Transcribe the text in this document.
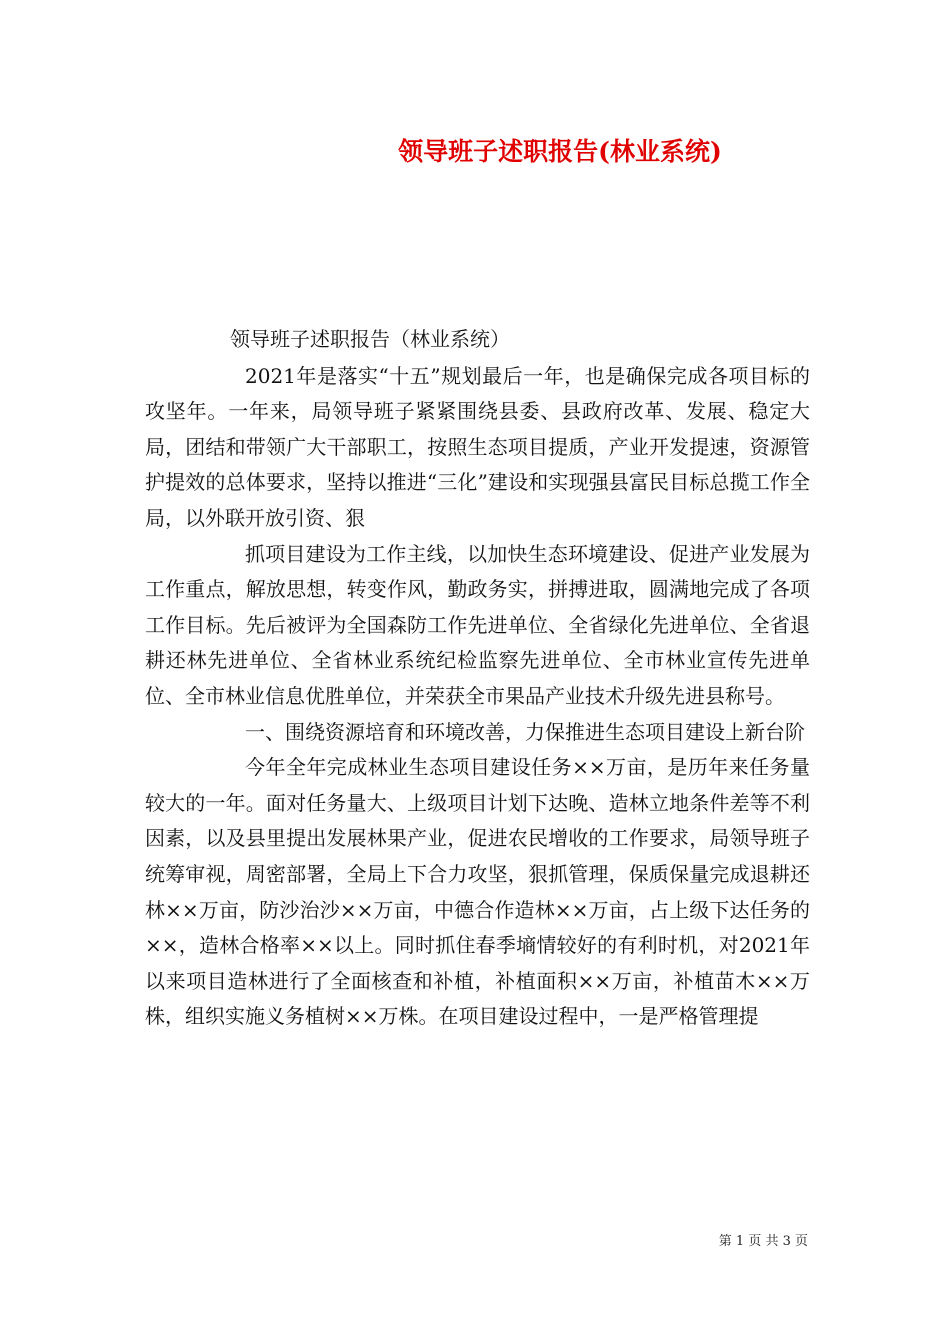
领导班子述职报告(林业系统)

领导班子述职报告（林业系统）

2021年是落实“十五”规划最后一年，也是确保完成各项目标的攻坚年。一年来，局领导班子紧紧围绕县委、县政府改革、发展、稳定大局，团结和带领广大干部职工，按照生态项目提质，产业开发提速，资源管护提效的总体要求，坚持以推进“三化”建设和实现强县富民目标总揽工作全局，以外联开放引资、狠

抓项目建设为工作主线，以加快生态环境建设、促进产业发展为工作重点，解放思想，转变作风，勤政务实，拼搏进取，圆满地完成了各项工作目标。先后被评为全国森防工作先进单位、全省绿化先进单位、全省退耕还林先进单位、全省林业系统纪检监察先进单位、全市林业宣传先进单位、全市林业信息优胜单位，并荣获全市果品产业技术升级先进县称号。

一、围绕资源培育和环境改善，力保推进生态项目建设上新台阶

今年全年完成林业生态项目建设任务××万亩，是历年来任务量较大的一年。面对任务量大、上级项目计划下达晚、造林立地条件差等不利因素，以及县里提出发展林果产业，促进农民增收的工作要求，局领导班子统筹审视，周密部署，全局上下合力攻坚，狠抓管理，保质保量完成退耕还林××万亩，防沙治沙××万亩，中德合作造林××万亩，占上级下达任务的××，造林合格率××以上。同时抓住春季墒情较好的有利时机，对2021年以来项目造林进行了全面核查和补植，补植面积××万亩，补植苗木××万株，组织实施义务植树××万株。在项目建设过程中，一是严格管理提

第 1 页 共 3 页
